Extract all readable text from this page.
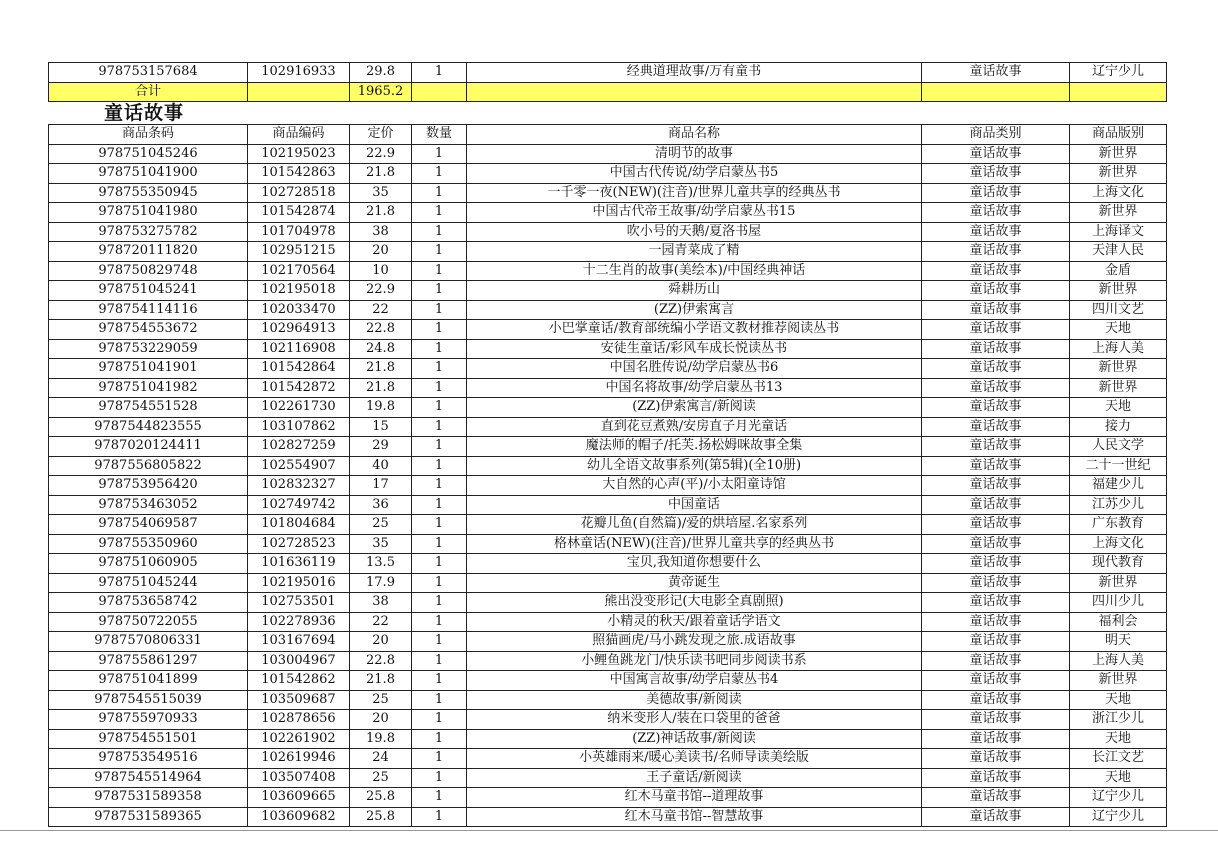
978753157684	102916933	29.8	1	经典道理故事/万有童书	童话故事	辽宁少儿
合计		1965.2				
童话故事
商品条码	商品编码	定价	数量	商品名称	商品类别	商品版别
978751045246	102195023	22.9	1	清明节的故事	童话故事	新世界
978751041900	101542863	21.8	1	中国古代传说/幼学启蒙丛书5	童话故事	新世界
978755350945	102728518	35	1	一千零一夜(NEW)(注音)/世界儿童共享的经典丛书	童话故事	上海文化
978751041980	101542874	21.8	1	中国古代帝王故事/幼学启蒙丛书15	童话故事	新世界
978753275782	101704978	38	1	吹小号的天鹅/夏洛书屋	童话故事	上海译文
978720111820	102951215	20	1	一园青菜成了精	童话故事	天津人民
978750829748	102170564	10	1	十二生肖的故事(美绘本)/中国经典神话	童话故事	金盾
978751045241	102195018	22.9	1	舜耕历山	童话故事	新世界
978754114116	102033470	22	1	(ZZ)伊索寓言	童话故事	四川文艺
978754553672	102964913	22.8	1	小巴掌童话/教育部统编小学语文教材推荐阅读丛书	童话故事	天地
978753229059	102116908	24.8	1	安徒生童话/彩风车成长悦读丛书	童话故事	上海人美
978751041901	101542864	21.8	1	中国名胜传说/幼学启蒙丛书6	童话故事	新世界
978751041982	101542872	21.8	1	中国名将故事/幼学启蒙丛书13	童话故事	新世界
978754551528	102261730	19.8	1	(ZZ)伊索寓言/新阅读	童话故事	天地
9787544823555	103107862	15	1	直到花豆煮熟/安房直子月光童话	童话故事	接力
9787020124411	102827259	29	1	魔法师的帽子/托芙.扬松姆咪故事全集	童话故事	人民文学
9787556805822	102554907	40	1	幼儿全语文故事系列(第5辑)(全10册)	童话故事	二十一世纪
978753956420	102832327	17	1	大自然的心声(平)/小太阳童诗馆	童话故事	福建少儿
978753463052	102749742	36	1	中国童话	童话故事	江苏少儿
978754069587	101804684	25	1	花瓣儿鱼(自然篇)/爱的烘培屋.名家系列	童话故事	广东教育
978755350960	102728523	35	1	格林童话(NEW)(注音)/世界儿童共享的经典丛书	童话故事	上海文化
978751060905	101636119	13.5	1	宝贝,我知道你想要什么	童话故事	现代教育
978751045244	102195016	17.9	1	黄帝诞生	童话故事	新世界
978753658742	102753501	38	1	熊出没变形记(大电影全真剧照)	童话故事	四川少儿
978750722055	102278936	22	1	小精灵的秋天/跟着童话学语文	童话故事	福利会
9787570806331	103167694	20	1	照猫画虎/马小跳发现之旅.成语故事	童话故事	明天
978755861297	103004967	22.8	1	小鲤鱼跳龙门/快乐读书吧同步阅读书系	童话故事	上海人美
978751041899	101542862	21.8	1	中国寓言故事/幼学启蒙丛书4	童话故事	新世界
9787545515039	103509687	25	1	美德故事/新阅读	童话故事	天地
978755970933	102878656	20	1	纳米变形人/装在口袋里的爸爸	童话故事	浙江少儿
978754551501	102261902	19.8	1	(ZZ)神话故事/新阅读	童话故事	天地
978753549516	102619946	24	1	小英雄雨来/暖心美读书/名师导读美绘版	童话故事	长江文艺
9787545514964	103507408	25	1	王子童话/新阅读	童话故事	天地
9787531589358	103609665	25.8	1	红木马童书馆--道理故事	童话故事	辽宁少儿
9787531589365	103609682	25.8	1	红木马童书馆--智慧故事	童话故事	辽宁少儿
